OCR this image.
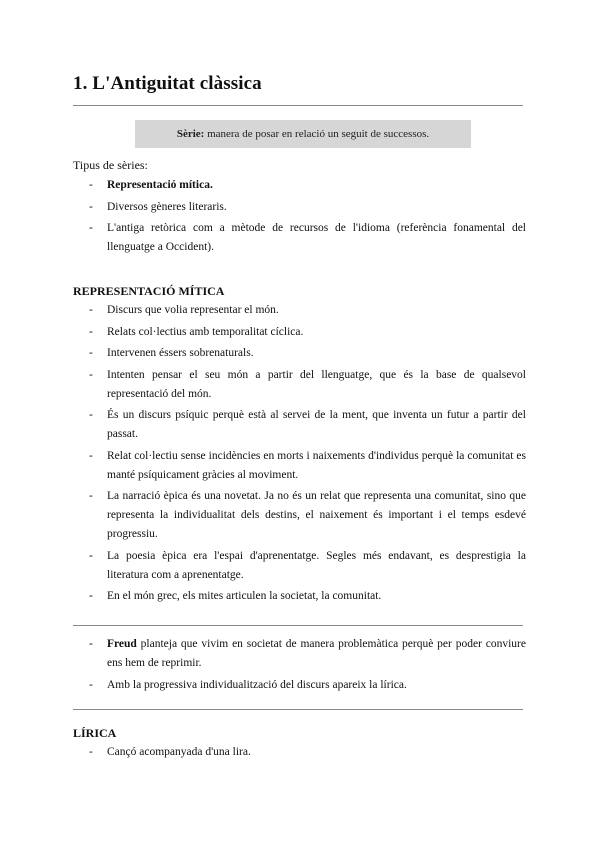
1. L'Antiguitat clàssica
Sèrie: manera de posar en relació un seguit de successos.
Tipus de sèries:
- Representació mítica.
- Diversos gèneres literaris.
- L'antiga retòrica com a mètode de recursos de l'idioma (referència fonamental del llenguatge a Occident).
REPRESENTACIÓ MÍTICA
- Discurs que volia representar el món.
- Relats col·lectius amb temporalitat cíclica.
- Intervenen éssers sobrenaturals.
- Intenten pensar el seu món a partir del llenguatge, que és la base de qualsevol representació del món.
- És un discurs psíquic perquè està al servei de la ment, que inventa un futur a partir del passat.
- Relat col·lectiu sense incidències en morts i naixements d'individus perquè la comunitat es manté psíquicament gràcies al moviment.
- La narració èpica és una novetat. Ja no és un relat que representa una comunitat, sino que representa la individualitat dels destins, el naixement és important i el temps esdevé progressiu.
- La poesia èpica era l'espai d'aprenentatge. Segles més endavant, es desprestigia la literatura com a aprenentatge.
- En el món grec, els mites articulen la societat, la comunitat.
- Freud planteja que vivim en societat de manera problemàtica perquè per poder conviure ens hem de reprimir.
- Amb la progressiva individualització del discurs apareix la lírica.
LÍRICA
- Cançó acompanyada d'una lira.
